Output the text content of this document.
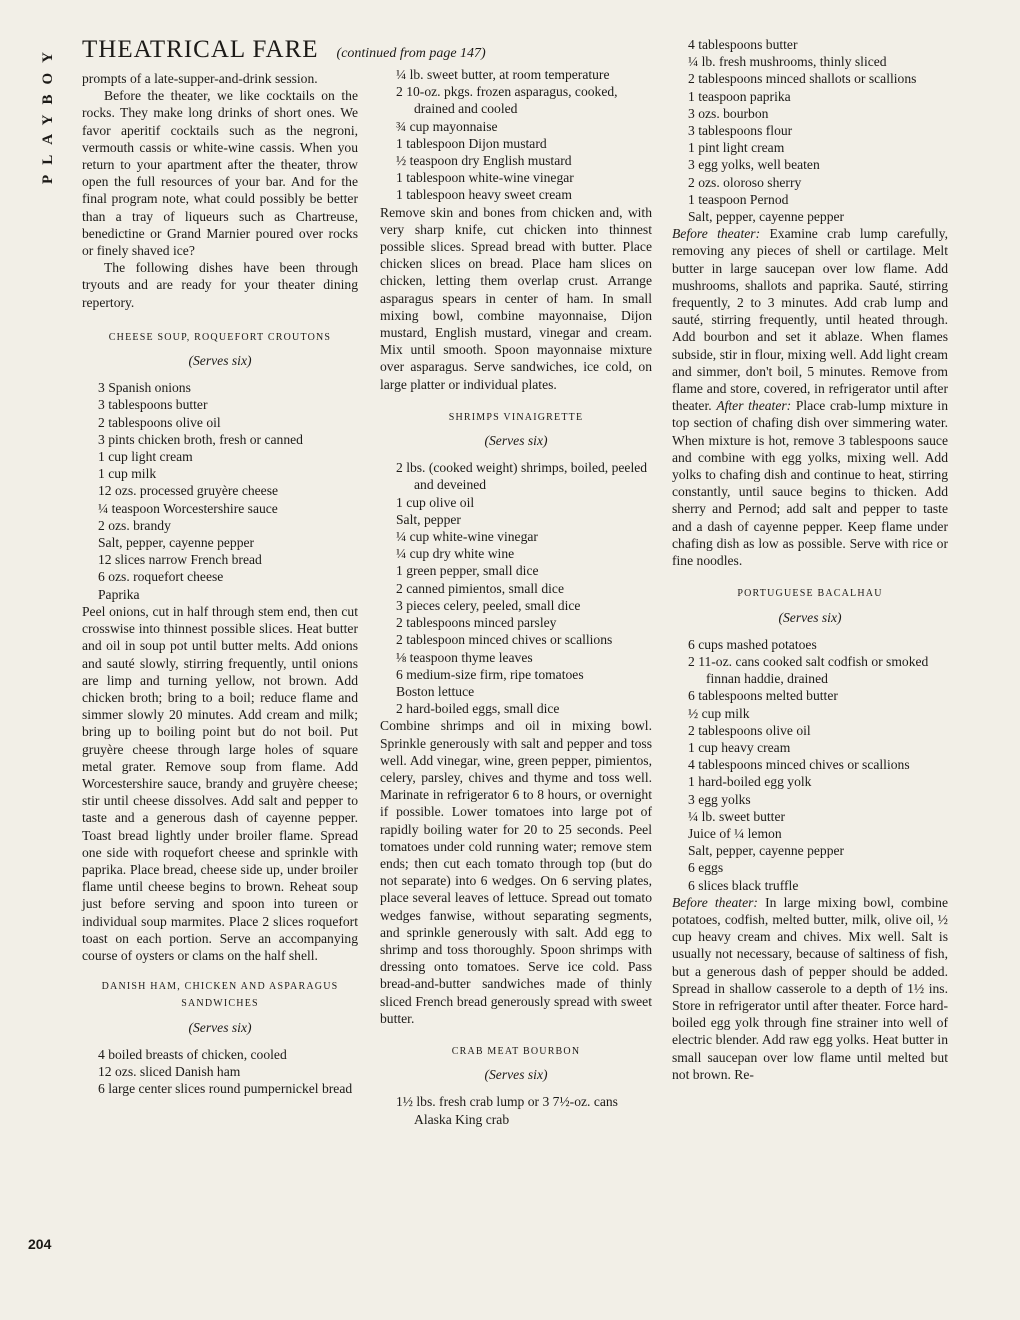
PLAYBOY
204
THEATRICAL FARE (continued from page 147)

prompts of a late-supper-and-drink session.

Before the theater, we like cocktails on the rocks. They make long drinks of short ones. We favor aperitif cocktails such as the negroni, vermouth cassis or white-wine cassis. When you return to your apartment after the theater, throw open the full resources of your bar. And for the final program note, what could possibly be better than a tray of liqueurs such as Chartreuse, benedictine or Grand Marnier poured over rocks or finely shaved ice?

The following dishes have been through tryouts and are ready for your theater dining repertory.

CHEESE SOUP, ROQUEFORT CROUTONS
(Serves six)
3 Spanish onions
3 tablespoons butter
2 tablespoons olive oil
3 pints chicken broth, fresh or canned
1 cup light cream
1 cup milk
12 ozs. processed gruyère cheese
¼ teaspoon Worcestershire sauce
2 ozs. brandy
Salt, pepper, cayenne pepper
12 slices narrow French bread
6 ozs. roquefort cheese
Paprika

Peel onions, cut in half through stem end, then cut crosswise into thinnest possible slices. Heat butter and oil in soup pot until butter melts. Add onions and sauté slowly, stirring frequently, until onions are limp and turning yellow, not brown. Add chicken broth; bring to a boil; reduce flame and simmer slowly 20 minutes. Add cream and milk; bring up to boiling point but do not boil. Put gruyère cheese through large holes of square metal grater. Remove soup from flame. Add Worcestershire sauce, brandy and gruyère cheese; stir until cheese dissolves. Add salt and pepper to taste and a generous dash of cayenne pepper. Toast bread lightly under broiler flame. Spread one side with roquefort cheese and sprinkle with paprika. Place bread, cheese side up, under broiler flame until cheese begins to brown. Reheat soup just before serving and spoon into tureen or individual soup marmites. Place 2 slices roquefort toast on each portion. Serve an accompanying course of oysters or clams on the half shell.

DANISH HAM, CHICKEN AND ASPARAGUS SANDWICHES
(Serves six)
4 boiled breasts of chicken, cooled
12 ozs. sliced Danish ham
6 large center slices round pumpernickel bread
¼ lb. sweet butter, at room temperature
2 10-oz. pkgs. frozen asparagus, cooked, drained and cooled
¾ cup mayonnaise
1 tablespoon Dijon mustard
½ teaspoon dry English mustard
1 tablespoon white-wine vinegar
1 tablespoon heavy sweet cream

Remove skin and bones from chicken and, with very sharp knife, cut chicken into thinnest possible slices. Spread bread with butter. Place chicken slices on bread. Place ham slices on chicken, letting them overlap crust. Arrange asparagus spears in center of ham. In small mixing bowl, combine mayonnaise, Dijon mustard, English mustard, vinegar and cream. Mix until smooth. Spoon mayonnaise mixture over asparagus. Serve sandwiches, ice cold, on large platter or individual plates.

SHRIMPS VINAIGRETTE
(Serves six)
2 lbs. (cooked weight) shrimps, boiled, peeled and deveined
1 cup olive oil
Salt, pepper
¼ cup white-wine vinegar
¼ cup dry white wine
1 green pepper, small dice
2 canned pimientos, small dice
3 pieces celery, peeled, small dice
2 tablespoons minced parsley
2 tablespoon minced chives or scallions
⅛ teaspoon thyme leaves
6 medium-size firm, ripe tomatoes
Boston lettuce
2 hard-boiled eggs, small dice

Combine shrimps and oil in mixing bowl. Sprinkle generously with salt and pepper and toss well. Add vinegar, wine, green pepper, pimientos, celery, parsley, chives and thyme and toss well. Marinate in refrigerator 6 to 8 hours, or overnight if possible. Lower tomatoes into large pot of rapidly boiling water for 20 to 25 seconds. Peel tomatoes under cold running water; remove stem ends; then cut each tomato through top (but do not separate) into 6 wedges. On 6 serving plates, place several leaves of lettuce. Spread out tomato wedges fanwise, without separating segments, and sprinkle generously with salt. Add egg to shrimp and toss thoroughly. Spoon shrimps with dressing onto tomatoes. Serve ice cold. Pass bread-and-butter sandwiches made of thinly sliced French bread generously spread with sweet butter.

CRAB MEAT BOURBON
(Serves six)
1½ lbs. fresh crab lump or 3 7½-oz. cans Alaska King crab
4 tablespoons butter
¼ lb. fresh mushrooms, thinly sliced
2 tablespoons minced shallots or scallions
1 teaspoon paprika
3 ozs. bourbon
3 tablespoons flour
1 pint light cream
3 egg yolks, well beaten
2 ozs. oloroso sherry
1 teaspoon Pernod
Salt, pepper, cayenne pepper

Before theater: Examine crab lump carefully, removing any pieces of shell or cartilage. Melt butter in large saucepan over low flame. Add mushrooms, shallots and paprika. Sauté, stirring frequently, 2 to 3 minutes. Add crab lump and sauté, stirring frequently, until heated through. Add bourbon and set it ablaze. When flames subside, stir in flour, mixing well. Add light cream and simmer, don't boil, 5 minutes. Remove from flame and store, covered, in refrigerator until after theater. After theater: Place crab-lump mixture in top section of chafing dish over simmering water. When mixture is hot, remove 3 tablespoons sauce and combine with egg yolks, mixing well. Add yolks to chafing dish and continue to heat, stirring constantly, until sauce begins to thicken. Add sherry and Pernod; add salt and pepper to taste and a dash of cayenne pepper. Keep flame under chafing dish as low as possible. Serve with rice or fine noodles.

PORTUGUESE BACALHAU
(Serves six)
6 cups mashed potatoes
2 11-oz. cans cooked salt codfish or smoked finnan haddie, drained
6 tablespoons melted butter
½ cup milk
2 tablespoons olive oil
1 cup heavy cream
4 tablespoons minced chives or scallions
1 hard-boiled egg yolk
3 egg yolks
¼ lb. sweet butter
Juice of ¼ lemon
Salt, pepper, cayenne pepper
6 eggs
6 slices black truffle

Before theater: In large mixing bowl, combine potatoes, codfish, melted butter, milk, olive oil, ½ cup heavy cream and chives. Mix well. Salt is usually not necessary, because of saltiness of fish, but a generous dash of pepper should be added. Spread in shallow casserole to a depth of 1½ ins. Store in refrigerator until after theater. Force hard-boiled egg yolk through fine strainer into well of electric blender. Add raw egg yolks. Heat butter in small saucepan over low flame until melted but not brown. Re-
